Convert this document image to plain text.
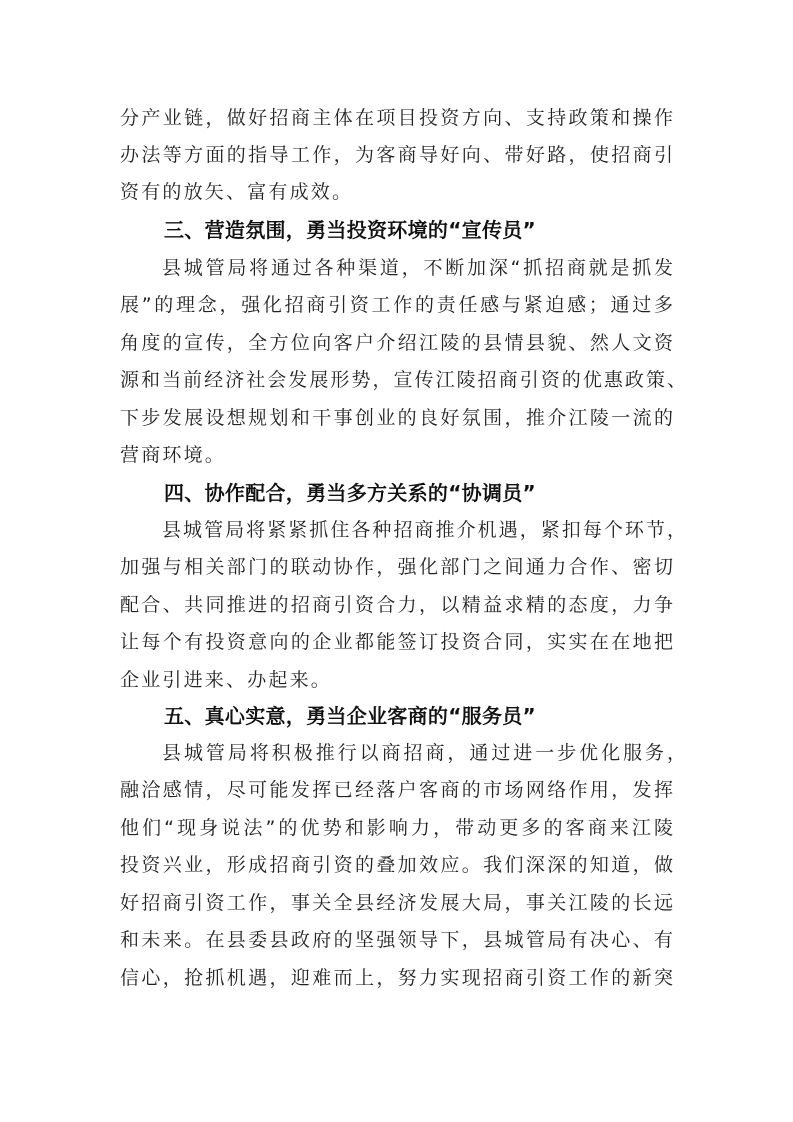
分产业链，做好招商主体在项目投资方向、支持政策和操作
办法等方面的指导工作，为客商导好向、带好路，使招商引
资有的放矢、富有成效。
三、营造氛围，勇当投资环境的“宣传员”
县城管局将通过各种渠道，不断加深“抓招商就是抓发
展”的理念，强化招商引资工作的责任感与紧迫感；通过多
角度的宣传，全方位向客户介绍江陵的县情县貌、然人文资
源和当前经济社会发展形势，宣传江陵招商引资的优惠政策、
下步发展设想规划和干事创业的良好氛围，推介江陵一流的
营商环境。
四、协作配合，勇当多方关系的“协调员”
县城管局将紧紧抓住各种招商推介机遇，紧扣每个环节，
加强与相关部门的联动协作，强化部门之间通力合作、密切
配合、共同推进的招商引资合力，以精益求精的态度，力争
让每个有投资意向的企业都能签订投资合同，实实在在地把
企业引进来、办起来。
五、真心实意，勇当企业客商的“服务员”
县城管局将积极推行以商招商，通过进一步优化服务，
融洽感情，尽可能发挥已经落户客商的市场网络作用，发挥
他们“现身说法”的优势和影响力，带动更多的客商来江陵
投资兴业，形成招商引资的叠加效应。我们深深的知道，做
好招商引资工作，事关全县经济发展大局，事关江陵的长远
和未来。在县委县政府的坚强领导下，县城管局有决心、有
信心，抢抓机遇，迎难而上，努力实现招商引资工作的新突
